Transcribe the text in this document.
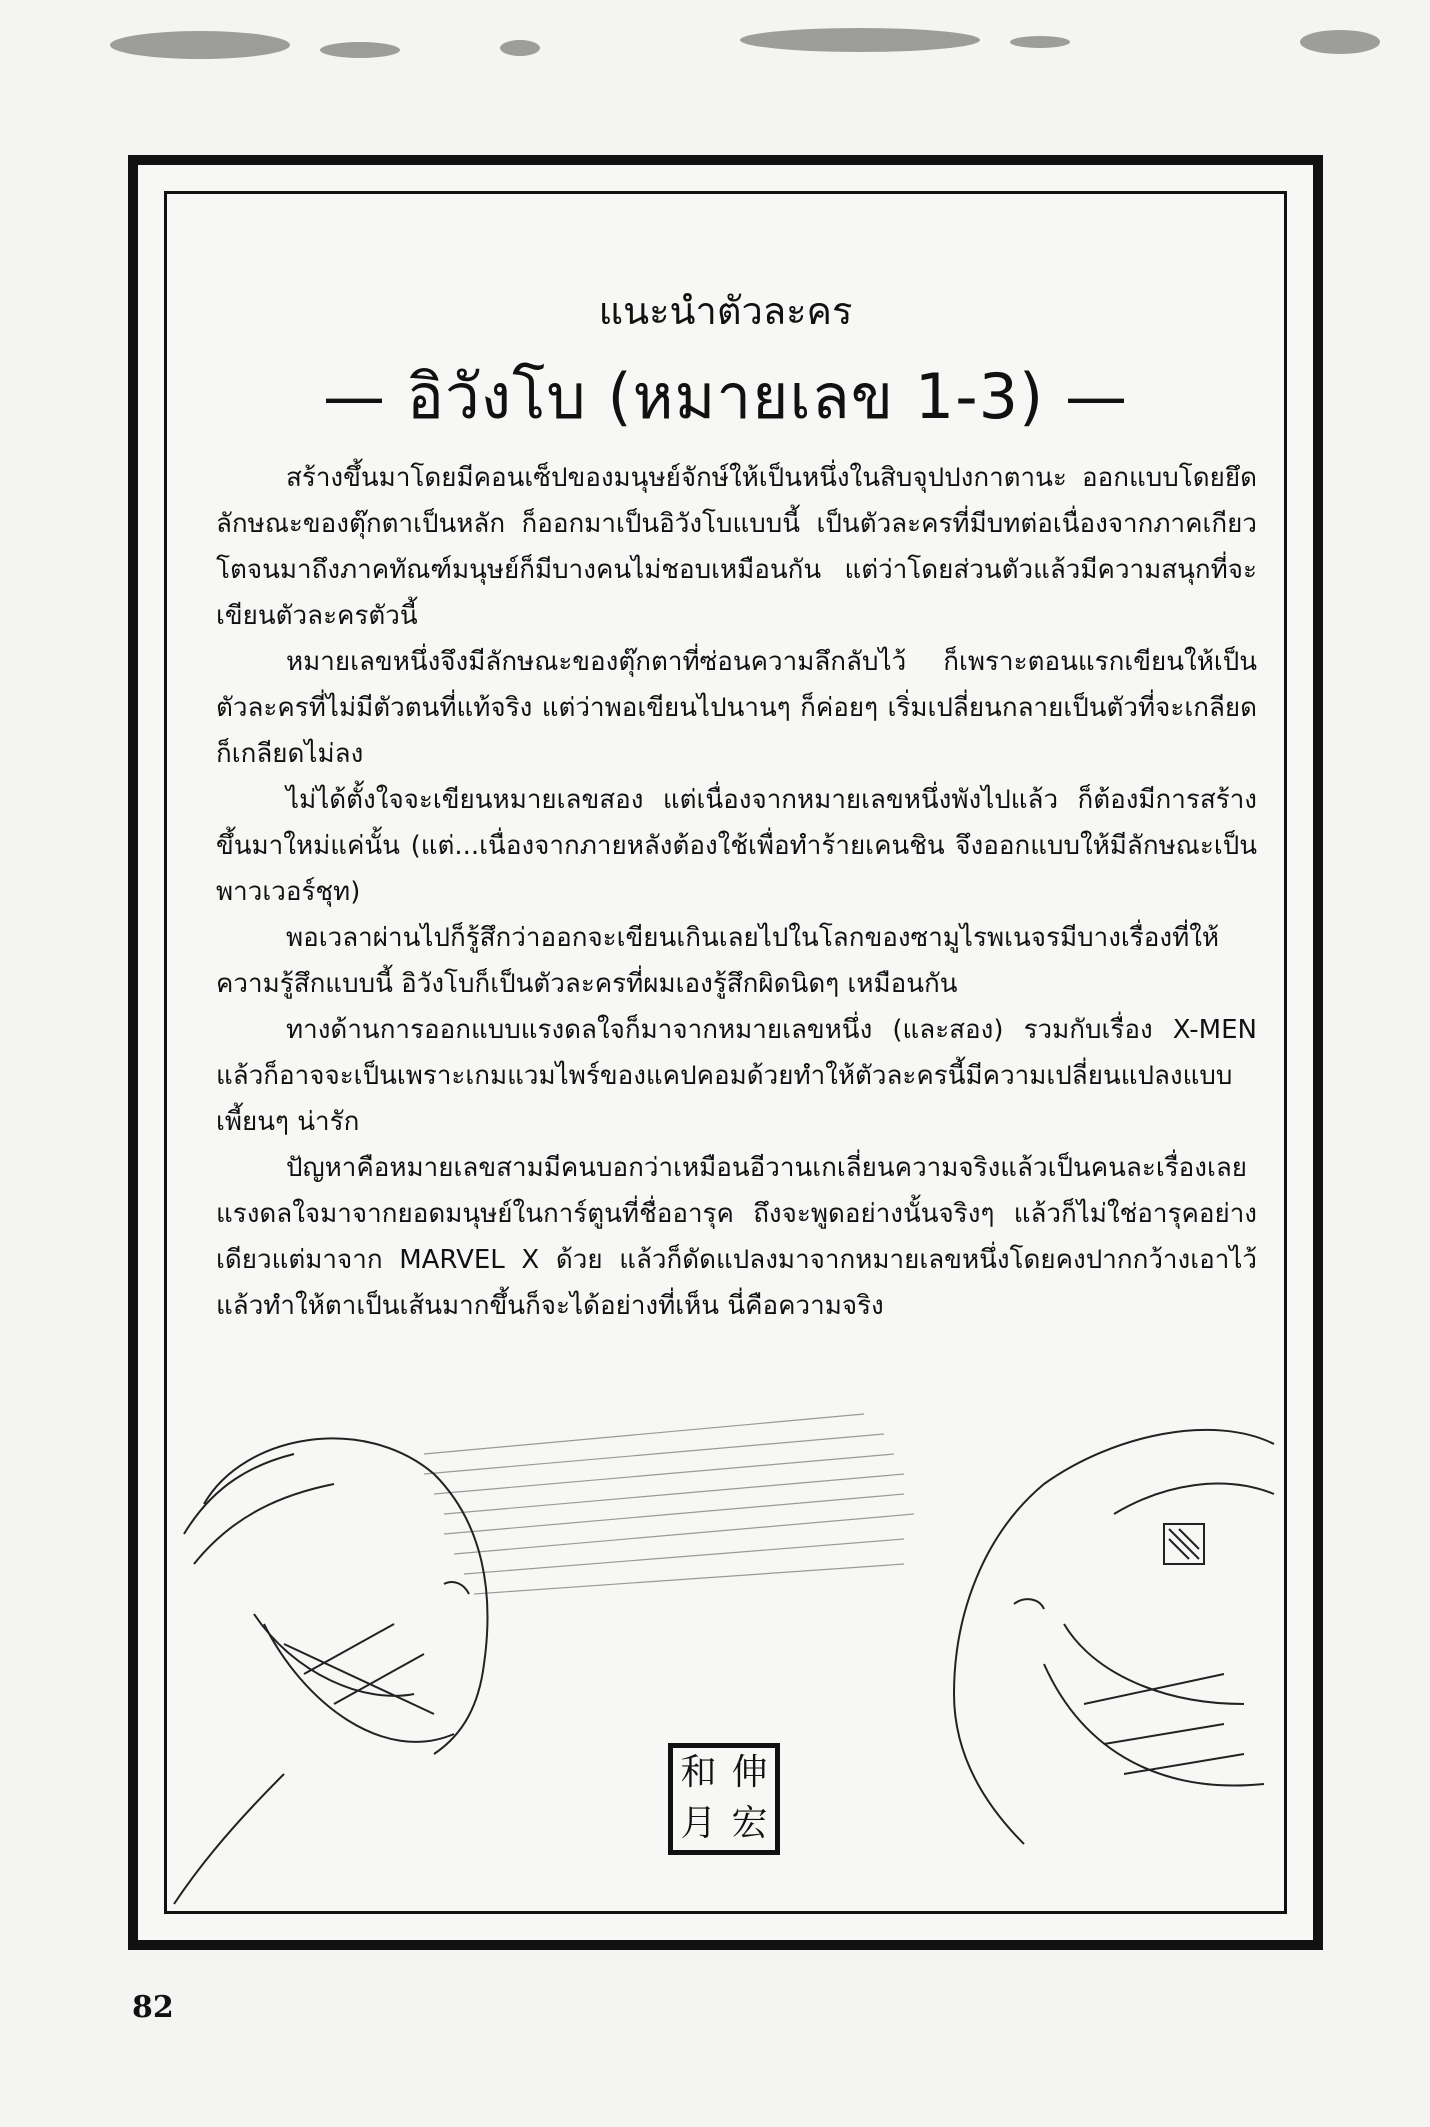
แนะนำตัวละคร
— อิวังโบ (หมายเลข 1-3) —

สร้างขึ้นมาโดยมีคอนเซ็ปของมนุษย์จักษ์ให้เป็นหนึ่งในสิบจุปปงกาตานะ ออกแบบโดยยึดลักษณะของตุ๊กตาเป็นหลัก ก็ออกมาเป็นอิวังโบแบบนี้ เป็นตัวละครที่มีบทต่อเนื่องจากภาคเกียวโตจนมาถึงภาคทัณฑ์มนุษย์ก็มีบางคนไม่ชอบเหมือนกัน แต่ว่าโดยส่วนตัวแล้วมีความสนุกที่จะเขียนตัวละครตัวนี้

หมายเลขหนึ่งจึงมีลักษณะของตุ๊กตาที่ซ่อนความลึกลับไว้ ก็เพราะตอนแรกเขียนให้เป็นตัวละครที่ไม่มีตัวตนที่แท้จริง แต่ว่าพอเขียนไปนานๆ ก็ค่อยๆ เริ่มเปลี่ยนกลายเป็นตัวที่จะเกลียดก็เกลียดไม่ลง

ไม่ได้ตั้งใจจะเขียนหมายเลขสอง แต่เนื่องจากหมายเลขหนึ่งพังไปแล้ว ก็ต้องมีการสร้างขึ้นมาใหม่แค่นั้น (แต่...เนื่องจากภายหลังต้องใช้เพื่อทำร้ายเคนชิน จึงออกแบบให้มีลักษณะเป็นพาวเวอร์ชุท)

พอเวลาผ่านไปก็รู้สึกว่าออกจะเขียนเกินเลยไปในโลกของซามูไรพเนจรมีบางเรื่องที่ให้ความรู้สึกแบบนี้ อิวังโบก็เป็นตัวละครที่ผมเองรู้สึกผิดนิดๆ เหมือนกัน

ทางด้านการออกแบบแรงดลใจก็มาจากหมายเลขหนึ่ง (และสอง) รวมกับเรื่อง X-MEN แล้วก็อาจจะเป็นเพราะเกมแวมไพร์ของแคปคอมด้วยทำให้ตัวละครนี้มีความเปลี่ยนแปลงแบบเพี้ยนๆ น่ารัก

ปัญหาคือหมายเลขสามมีคนบอกว่าเหมือนอีวานเกเลี่ยนความจริงแล้วเป็นคนละเรื่องเลย แรงดลใจมาจากยอดมนุษย์ในการ์ตูนที่ชื่ออารุค ถึงจะพูดอย่างนั้นจริงๆ แล้วก็ไม่ใช่อารุคอย่างเดียวแต่มาจาก MARVEL X ด้วย แล้วก็ดัดแปลงมาจากหมายเลขหนึ่งโดยคงปากกว้างเอาไว้แล้วทำให้ตาเป็นเส้นมากขึ้นก็จะได้อย่างที่เห็น นี่คือความจริง

和 伸
月 宏
82
